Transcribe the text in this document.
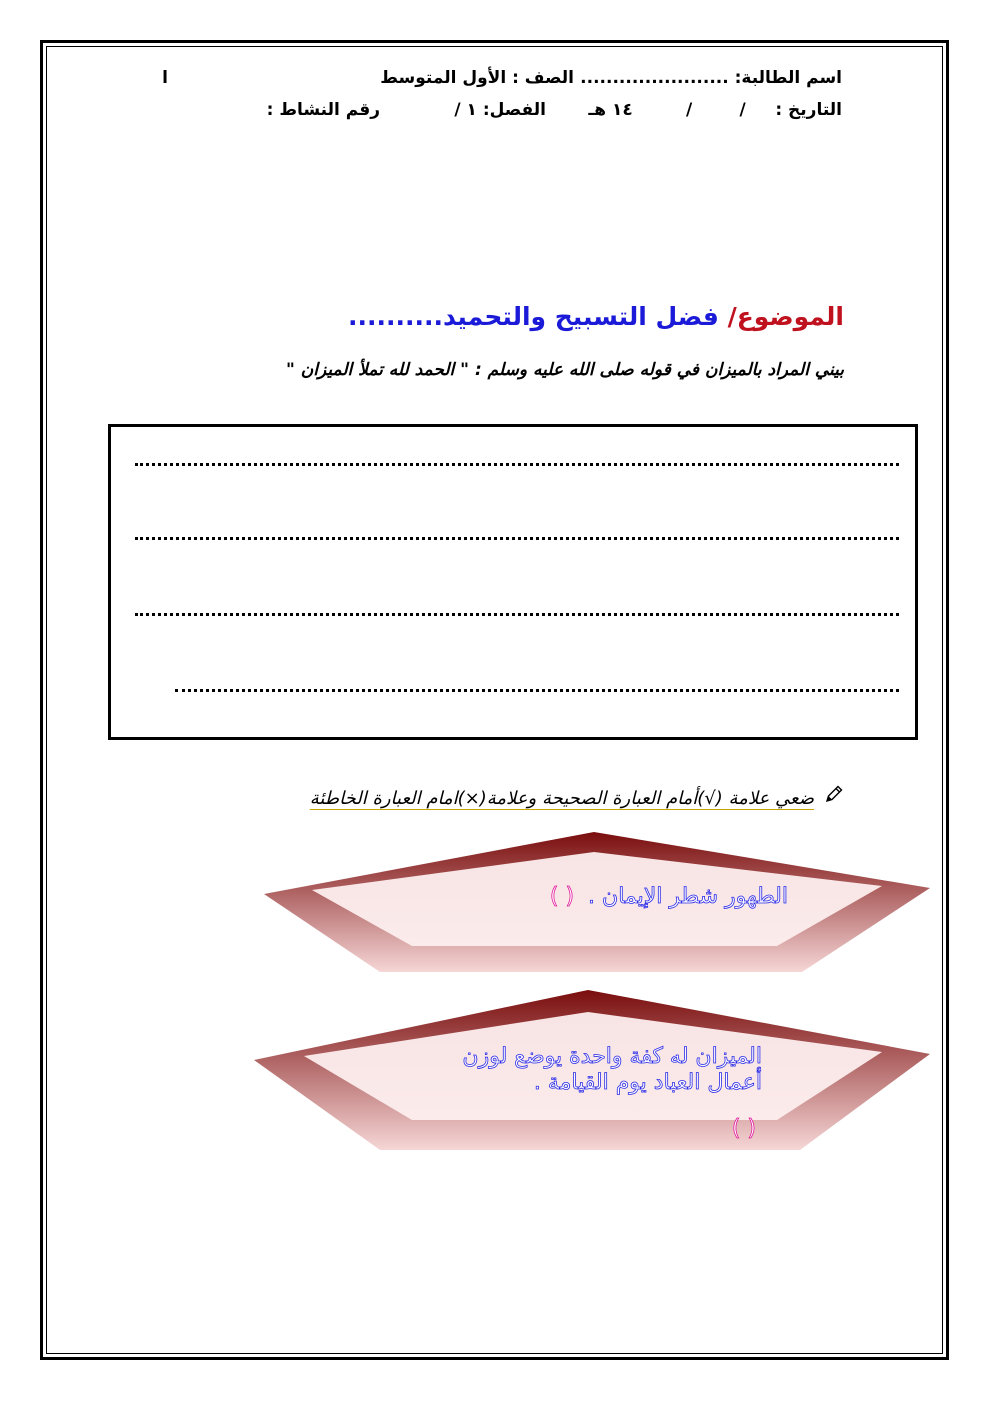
اسم الطالبة: .......................
الصف : الأول المتوسط
ا
التاريخ :     /        /         ١٤ هـ
الفصل: ١ /
رقم النشاط :
الموضوع/ فضل التسبيح والتحميد..........
بيني المراد بالميزان في قوله صلى الله عليه وسلم : " الحمد لله تملأ الميزان "
ضعي علامة (√)أمام العبارة الصحيحة وعلامة(×)امام العبارة الخاطئة
الطهور شطر الإيمان .( )
الميزان له كفة واحدة يوضع لوزن
أعمال العباد يوم القيامة .
( )
